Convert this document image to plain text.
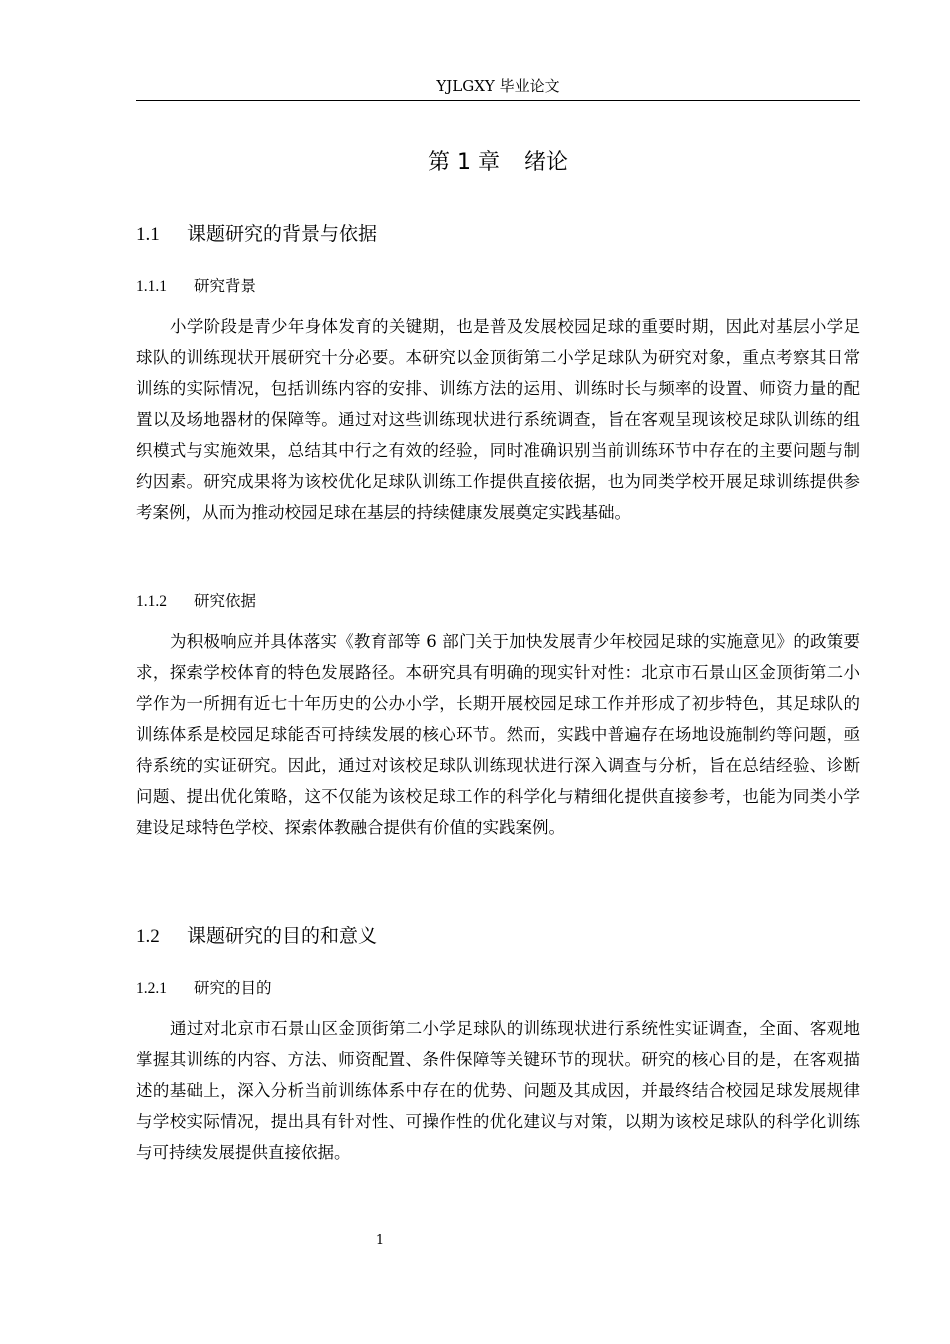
YJLGXY 毕业论文
第 1 章 绪论
1.1 课题研究的背景与依据
1.1.1 研究背景

小学阶段是青少年身体发育的关键期，也是普及发展校园足球的重要时期，因此对基层小学足球队的训练现状开展研究十分必要。本研究以金顶街第二小学足球队为研究对象，重点考察其日常训练的实际情况，包括训练内容的安排、训练方法的运用、训练时长与频率的设置、师资力量的配置以及场地器材的保障等。通过对这些训练现状进行系统调查，旨在客观呈现该校足球队训练的组织模式与实施效果，总结其中行之有效的经验，同时准确识别当前训练环节中存在的主要问题与制约因素。研究成果将为该校优化足球队训练工作提供直接依据，也为同类学校开展足球训练提供参考案例，从而为推动校园足球在基层的持续健康发展奠定实践基础。

1.1.2 研究依据

为积极响应并具体落实《教育部等 6 部门关于加快发展青少年校园足球的实施意见》的政策要求，探索学校体育的特色发展路径。本研究具有明确的现实针对性：北京市石景山区金顶街第二小学作为一所拥有近七十年历史的公办小学，长期开展校园足球工作并形成了初步特色，其足球队的训练体系是校园足球能否可持续发展的核心环节。然而，实践中普遍存在场地设施制约等问题，亟待系统的实证研究。因此，通过对该校足球队训练现状进行深入调查与分析，旨在总结经验、诊断问题、提出优化策略，这不仅能为该校足球工作的科学化与精细化提供直接参考，也能为同类小学建设足球特色学校、探索体教融合提供有价值的实践案例。

1.2 课题研究的目的和意义
1.2.1 研究的目的

通过对北京市石景山区金顶街第二小学足球队的训练现状进行系统性实证调查，全面、客观地掌握其训练的内容、方法、师资配置、条件保障等关键环节的现状。研究的核心目的是，在客观描述的基础上，深入分析当前训练体系中存在的优势、问题及其成因，并最终结合校园足球发展规律与学校实际情况，提出具有针对性、可操作性的优化建议与对策，以期为该校足球队的科学化训练与可持续发展提供直接依据。

1
